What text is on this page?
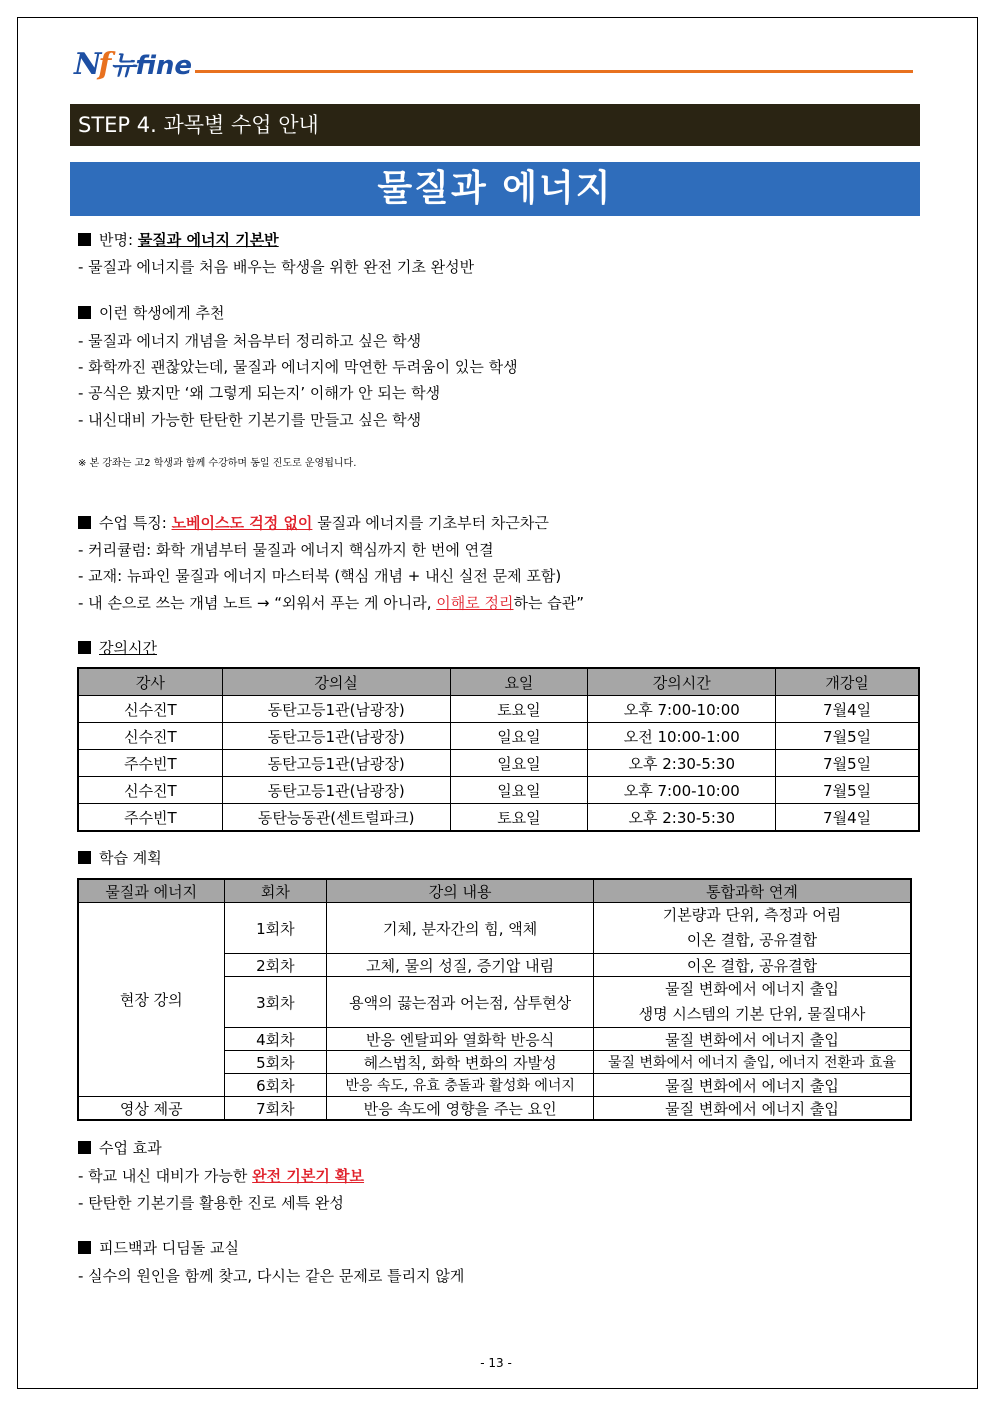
Nf 뉴fine
STEP 4. 과목별 수업 안내
물질과 에너지
반명: 물질과 에너지 기본반
- 물질과 에너지를 처음 배우는 학생을 위한 완전 기초 완성반
이런 학생에게 추천
- 물질과 에너지 개념을 처음부터 정리하고 싶은 학생
- 화학까진 괜찮았는데, 물질과 에너지에 막연한 두려움이 있는 학생
- 공식은 봤지만 ‘왜 그렇게 되는지’ 이해가 안 되는 학생
- 내신대비 가능한 탄탄한 기본기를 만들고 싶은 학생
※ 본 강좌는 고2 학생과 함께 수강하며 동일 진도로 운영됩니다.
수업 특징: 노베이스도 걱정 없이 물질과 에너지를 기초부터 차근차근
- 커리큘럼: 화학 개념부터 물질과 에너지 핵심까지 한 번에 연결
- 교재: 뉴파인 물질과 에너지 마스터북 (핵심 개념 + 내신 실전 문제 포함)
- 내 손으로 쓰는 개념 노트 → “외워서 푸는 게 아니라, 이해로 정리하는 습관”
강의시간
강사	강의실	요일	강의시간	개강일
신수진T	동탄고등1관(남광장)	토요일	오후 7:00-10:00	7월4일
신수진T	동탄고등1관(남광장)	일요일	오전 10:00-1:00	7월5일
주수빈T	동탄고등1관(남광장)	일요일	오후 2:30-5:30	7월5일
신수진T	동탄고등1관(남광장)	일요일	오후 7:00-10:00	7월5일
주수빈T	동탄능동관(센트럴파크)	토요일	오후 2:30-5:30	7월4일
학습 계획
물질과 에너지	회차	강의 내용	통합과학 연계
현장 강의	1회차	기체, 분자간의 힘, 액체	기본량과 단위, 측정과 어림
이온 결합, 공유결합

	2회차	고체, 물의 성질, 증기압 내림	이온 결합, 공유결합
	3회차	용액의 끓는점과 어는점, 삼투현상	물질 변화에서 에너지 출입
생명 시스템의 기본 단위, 물질대사

	4회차	반응 엔탈피와 열화학 반응식	물질 변화에서 에너지 출입
	5회차	헤스법칙, 화학 변화의 자발성	물질 변화에서 에너지 출입, 에너지 전환과 효율
	6회차	반응 속도, 유효 충돌과 활성화 에너지	물질 변화에서 에너지 출입
영상 제공	7회차	반응 속도에 영향을 주는 요인	물질 변화에서 에너지 출입
수업 효과
- 학교 내신 대비가 가능한 완전 기본기 확보
- 탄탄한 기본기를 활용한 진로 세특 완성
피드백과 디딤돌 교실
- 실수의 원인을 함께 찾고, 다시는 같은 문제로 틀리지 않게
- 13 -
